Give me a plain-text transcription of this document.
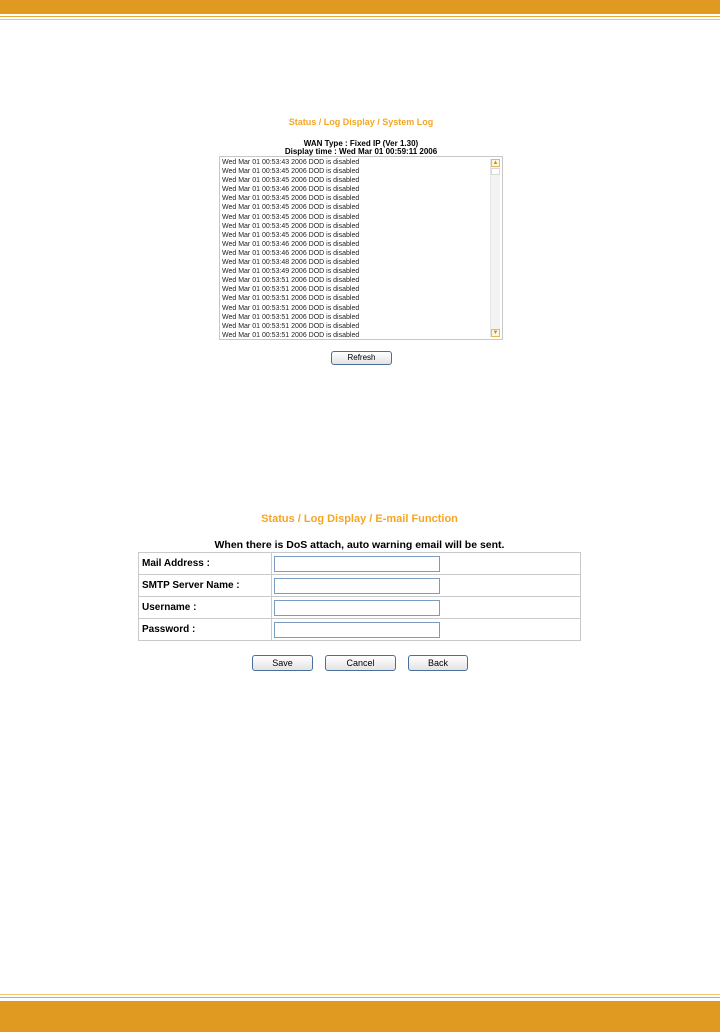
Status / Log Display / System Log
WAN Type : Fixed IP (Ver 1.30)
Display time : Wed Mar 01 00:59:11 2006
Wed Mar 01 00:53:43 2006 DOD is disabled
Wed Mar 01 00:53:45 2006 DOD is disabled
Wed Mar 01 00:53:45 2006 DOD is disabled
Wed Mar 01 00:53:46 2006 DOD is disabled
Wed Mar 01 00:53:45 2006 DOD is disabled
Wed Mar 01 00:53:45 2006 DOD is disabled
Wed Mar 01 00:53:45 2006 DOD is disabled
Wed Mar 01 00:53:45 2006 DOD is disabled
Wed Mar 01 00:53:45 2006 DOD is disabled
Wed Mar 01 00:53:46 2006 DOD is disabled
Wed Mar 01 00:53:46 2006 DOD is disabled
Wed Mar 01 00:53:48 2006 DOD is disabled
Wed Mar 01 00:53:49 2006 DOD is disabled
Wed Mar 01 00:53:51 2006 DOD is disabled
Wed Mar 01 00:53:51 2006 DOD is disabled
Wed Mar 01 00:53:51 2006 DOD is disabled
Wed Mar 01 00:53:51 2006 DOD is disabled
Wed Mar 01 00:53:51 2006 DOD is disabled
Wed Mar 01 00:53:51 2006 DOD is disabled
Wed Mar 01 00:53:51 2006 DOD is disabled
▲
▼
Refresh
Status / Log Display / E-mail Function
When there is DoS attach, auto warning email will be sent.
Mail Address :
SMTP Server Name :
Username :
Password :
Save	Cancel	Back
